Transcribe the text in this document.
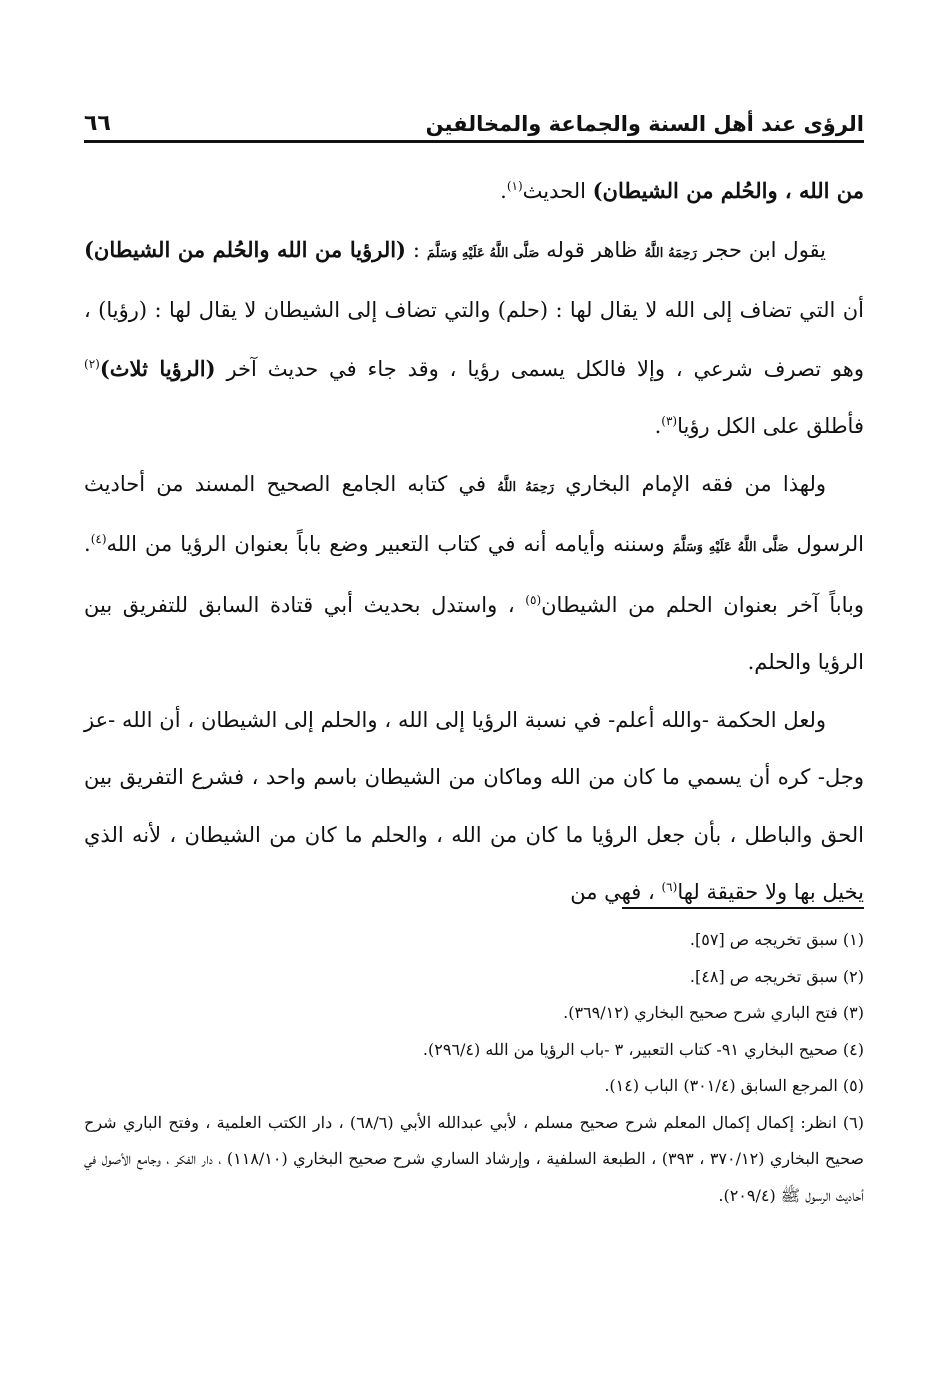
الرؤى عند أهل السنة والجماعة والمخالفين
٦٦

من الله ، والحُلم من الشيطان) الحديث$^{(١)}$.

يقول ابن حجر رَحِمَهُ اللَّهُ ظاهر قوله صَلَّى اللَّهُ عَلَيْهِ وَسَلَّمَ : (الرؤيا من الله والحُلم من الشيطان) أن التي تضاف إلى الله لا يقال لها : (حلم) والتي تضاف إلى الشيطان لا يقال لها : (رؤيا) ، وهو تصرف شرعي ، وإلا فالكل يسمى رؤيا ، وقد جاء في حديث آخر (الرؤيا ثلاث)$^{(٢)}$ فأطلق على الكل رؤيا$^{(٣)}$.

ولهذا من فقه الإمام البخاري رَحِمَهُ اللَّهُ في كتابه الجامع الصحيح المسند من أحاديث الرسول صَلَّى اللَّهُ عَلَيْهِ وَسَلَّمَ وسننه وأيامه أنه في كتاب التعبير وضع باباً بعنوان الرؤيا من الله$^{(٤)}$. وباباً آخر بعنوان الحلم من الشيطان$^{(٥)}$ ، واستدل بحديث أبي قتادة السابق للتفريق بين الرؤيا والحلم.

ولعل الحكمة -والله أعلم- في نسبة الرؤيا إلى الله ، والحلم إلى الشيطان ، أن الله -عز وجل- كره أن يسمي ما كان من الله وماكان من الشيطان باسم واحد ، فشرع التفريق بين الحق والباطل ، بأن جعل الرؤيا ما كان من الله ، والحلم ما كان من الشيطان ، لأنه الذي يخيل بها ولا حقيقة لها$^{(٦)}$ ، فهي من

(١) سبق تخريجه ص [٥٧].

(٢) سبق تخريجه ص [٤٨].

(٣) فتح الباري شرح صحيح البخاري (٣٦٩/١٢).

(٤) صحيح البخاري ٩١- كتاب التعبير، ٣ -باب الرؤيا من الله (٢٩٦/٤).

(٥) المرجع السابق (٣٠١/٤) الباب (١٤).

(٦) انظر: إكمال إكمال المعلم شرح صحيح مسلم ، لأبي عبدالله الأبي (٦٨/٦) ، دار الكتب العلمية ، وفتح الباري شرح صحيح البخاري (٣٧٠/١٢ ، ٣٩٣) ، الطبعة السلفية ، وإرشاد الساري شرح صحيح البخاري (١١٨/١٠) ، دار الفكر ، وجامع الأصول في أحاديث الرسول ﷺ (٢٠٩/٤).
